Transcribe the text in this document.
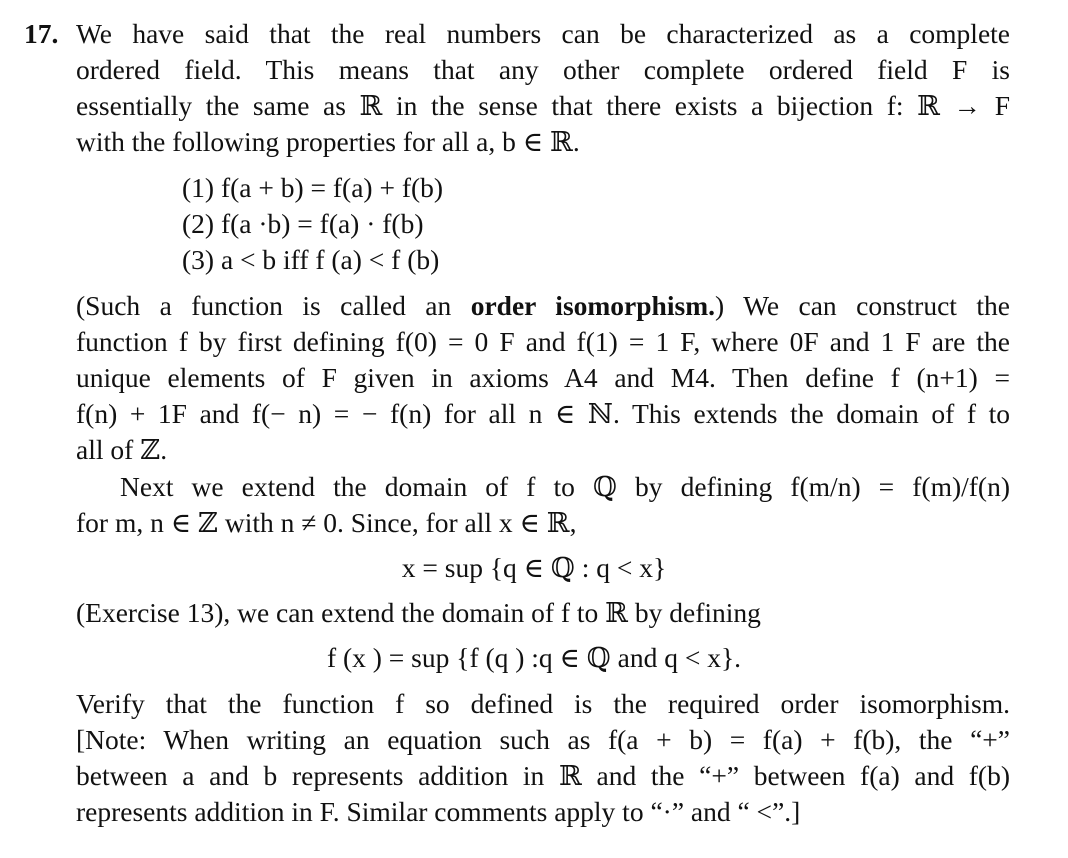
We have said that the real numbers can be characterized as a complete
17.
ordered field. This means that any other complete ordered field F is
essentially the same as ℝ in the sense that there exists a bijection f: ℝ → F
with the following properties for all a, b ∈ ℝ.
(1) f(a + b) = f(a) + f(b)
(2) f(a ·b) = f(a) · f(b)
(3) a < b iff f (a) < f (b)
(Such a function is called an order isomorphism.) We can construct the
function f by first defining f(0) = 0 F and f(1) = 1 F, where 0F and 1 F are the
unique elements of F given in axioms A4 and M4. Then define f (n+1) =
f(n) + 1F and f(− n) = − f(n) for all n ∈ ℕ. This extends the domain of f to
all of ℤ.
Next we extend the domain of f to ℚ by defining f(m/n) = f(m)/f(n)
for m, n ∈ ℤ with n ≠ 0. Since, for all x ∈ ℝ,
x = sup {q ∈ ℚ : q < x}
(Exercise 13), we can extend the domain of f to ℝ by defining
f (x ) = sup {f (q ) :q ∈ ℚ and q < x}.
Verify that the function f so defined is the required order isomorphism.
[Note: When writing an equation such as f(a + b) = f(a) + f(b), the “+”
between a and b represents addition in ℝ and the “+” between f(a) and f(b)
represents addition in F. Similar comments apply to “·” and “ <”.]
